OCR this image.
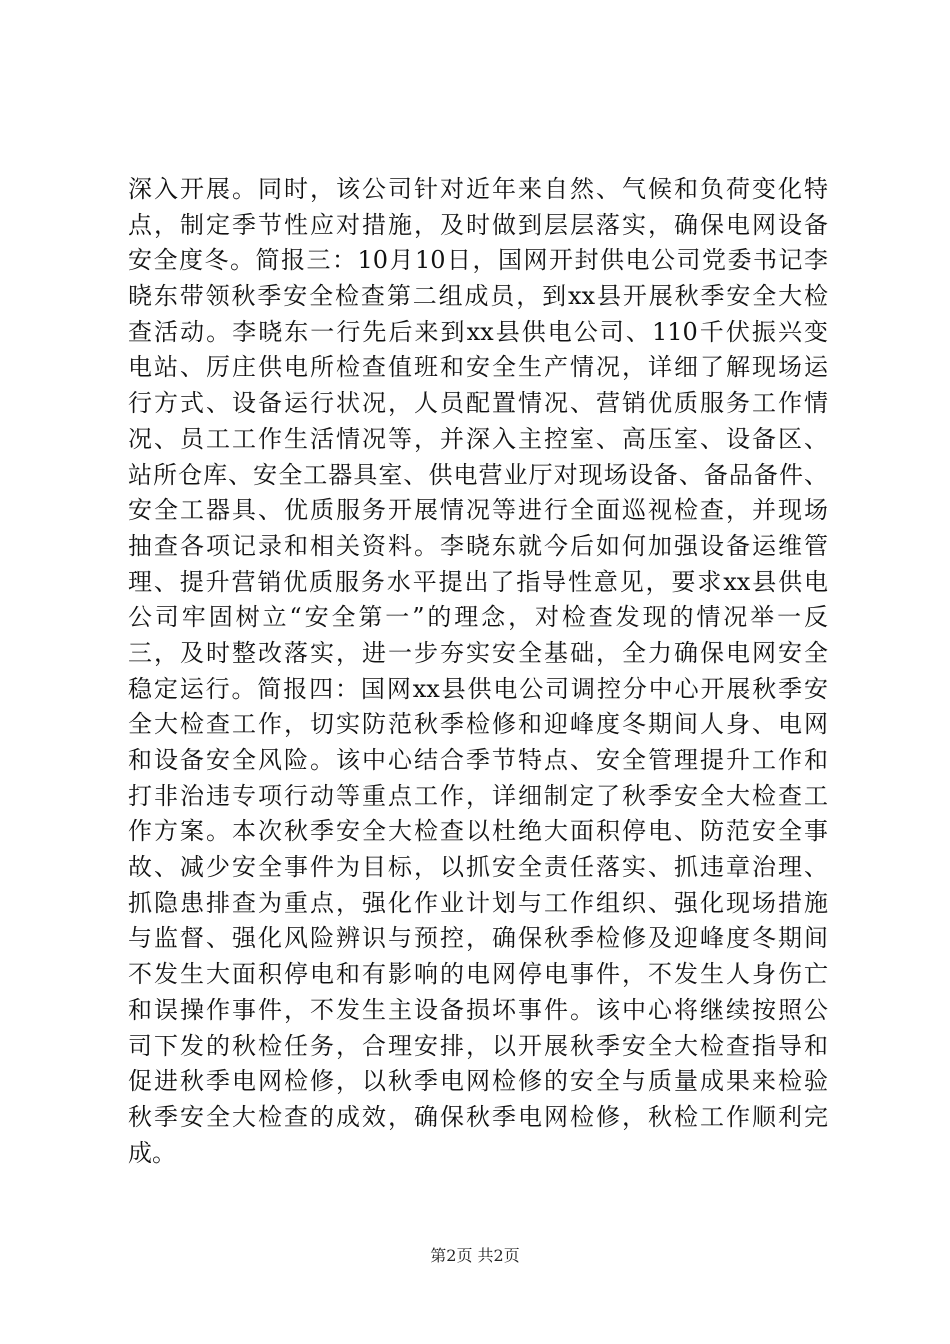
深入开展。同时，该公司针对近年来自然、气候和负荷变化特
点，制定季节性应对措施，及时做到层层落实，确保电网设备
安全度冬。简报三：10月10日，国网开封供电公司党委书记李
晓东带领秋季安全检查第二组成员，到xx县开展秋季安全大检
查活动。李晓东一行先后来到xx县供电公司、110千伏振兴变
电站、厉庄供电所检查值班和安全生产情况，详细了解现场运
行方式、设备运行状况，人员配置情况、营销优质服务工作情
况、员工工作生活情况等，并深入主控室、高压室、设备区、
站所仓库、安全工器具室、供电营业厅对现场设备、备品备件、
安全工器具、优质服务开展情况等进行全面巡视检查，并现场
抽查各项记录和相关资料。李晓东就今后如何加强设备运维管
理、提升营销优质服务水平提出了指导性意见，要求xx县供电
公司牢固树立“安全第一”的理念，对检查发现的情况举一反
三，及时整改落实，进一步夯实安全基础，全力确保电网安全
稳定运行。简报四：国网xx县供电公司调控分中心开展秋季安
全大检查工作，切实防范秋季检修和迎峰度冬期间人身、电网
和设备安全风险。该中心结合季节特点、安全管理提升工作和
打非治违专项行动等重点工作，详细制定了秋季安全大检查工
作方案。本次秋季安全大检查以杜绝大面积停电、防范安全事
故、减少安全事件为目标，以抓安全责任落实、抓违章治理、
抓隐患排查为重点，强化作业计划与工作组织、强化现场措施
与监督、强化风险辨识与预控，确保秋季检修及迎峰度冬期间
不发生大面积停电和有影响的电网停电事件，不发生人身伤亡
和误操作事件，不发生主设备损坏事件。该中心将继续按照公
司下发的秋检任务，合理安排，以开展秋季安全大检查指导和
促进秋季电网检修，以秋季电网检修的安全与质量成果来检验
秋季安全大检查的成效，确保秋季电网检修，秋检工作顺利完
成。
第2页 共2页
